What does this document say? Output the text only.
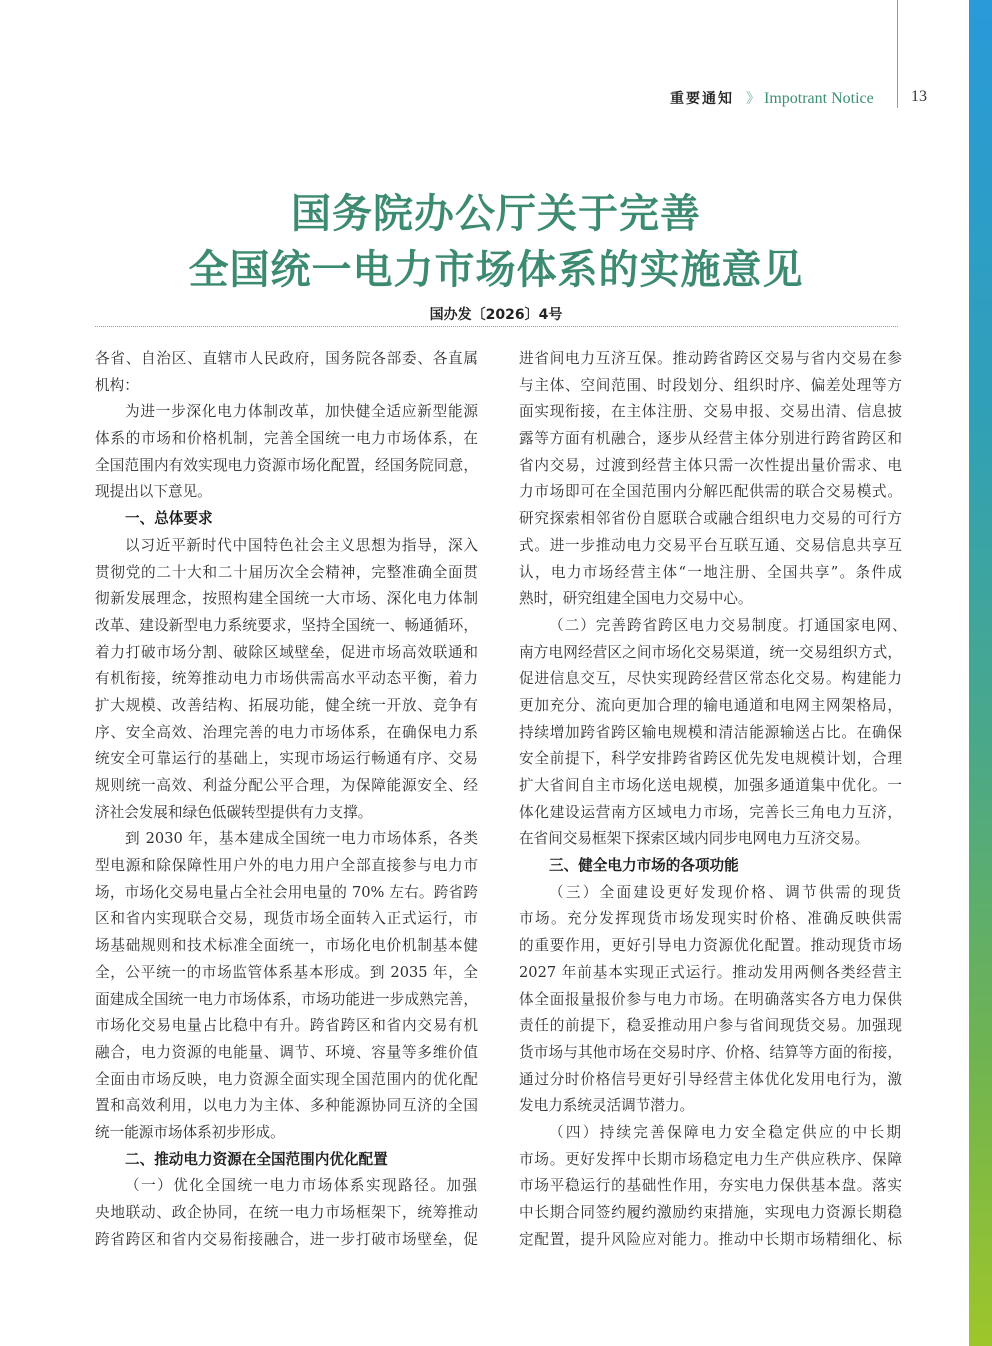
重要通知 》 Impotrant Notice 13
国务院办公厅关于完善
全国统一电力市场体系的实施意见
国办发〔2026〕4号
各省、自治区、直辖市人民政府，国务院各部委、各直属
机构：
为进一步深化电力体制改革，加快健全适应新型能源
体系的市场和价格机制，完善全国统一电力市场体系，在
全国范围内有效实现电力资源市场化配置，经国务院同意，
现提出以下意见。
一、总体要求
以习近平新时代中国特色社会主义思想为指导，深入
贯彻党的二十大和二十届历次全会精神，完整准确全面贯
彻新发展理念，按照构建全国统一大市场、深化电力体制
改革、建设新型电力系统要求，坚持全国统一、畅通循环，
着力打破市场分割、破除区域壁垒，促进市场高效联通和
有机衔接，统筹推动电力市场供需高水平动态平衡，着力
扩大规模、改善结构、拓展功能，健全统一开放、竞争有
序、安全高效、治理完善的电力市场体系，在确保电力系
统安全可靠运行的基础上，实现市场运行畅通有序、交易
规则统一高效、利益分配公平合理，为保障能源安全、经
济社会发展和绿色低碳转型提供有力支撑。
到 2030 年，基本建成全国统一电力市场体系，各类
型电源和除保障性用户外的电力用户全部直接参与电力市
场，市场化交易电量占全社会用电量的 70% 左右。跨省跨
区和省内实现联合交易，现货市场全面转入正式运行，市
场基础规则和技术标准全面统一，市场化电价机制基本健
全，公平统一的市场监管体系基本形成。到 2035 年，全
面建成全国统一电力市场体系，市场功能进一步成熟完善，
市场化交易电量占比稳中有升。跨省跨区和省内交易有机
融合，电力资源的电能量、调节、环境、容量等多维价值
全面由市场反映，电力资源全面实现全国范围内的优化配
置和高效利用，以电力为主体、多种能源协同互济的全国
统一能源市场体系初步形成。
二、推动电力资源在全国范围内优化配置
（一）优化全国统一电力市场体系实现路径。加强
央地联动、政企协同，在统一电力市场框架下，统筹推动
跨省跨区和省内交易衔接融合，进一步打破市场壁垒，促
进省间电力互济互保。推动跨省跨区交易与省内交易在参
与主体、空间范围、时段划分、组织时序、偏差处理等方
面实现衔接，在主体注册、交易申报、交易出清、信息披
露等方面有机融合，逐步从经营主体分别进行跨省跨区和
省内交易，过渡到经营主体只需一次性提出量价需求、电
力市场即可在全国范围内分解匹配供需的联合交易模式。
研究探索相邻省份自愿联合或融合组织电力交易的可行方
式。进一步推动电力交易平台互联互通、交易信息共享互
认，电力市场经营主体“一地注册、全国共享”。条件成
熟时，研究组建全国电力交易中心。
（二）完善跨省跨区电力交易制度。打通国家电网、
南方电网经营区之间市场化交易渠道，统一交易组织方式，
促进信息交互，尽快实现跨经营区常态化交易。构建能力
更加充分、流向更加合理的输电通道和电网主网架格局，
持续增加跨省跨区输电规模和清洁能源输送占比。在确保
安全前提下，科学安排跨省跨区优先发电规模计划，合理
扩大省间自主市场化送电规模，加强多通道集中优化。一
体化建设运营南方区域电力市场，完善长三角电力互济，
在省间交易框架下探索区域内同步电网电力互济交易。
三、健全电力市场的各项功能
（三）全面建设更好发现价格、调节供需的现货
市场。充分发挥现货市场发现实时价格、准确反映供需
的重要作用，更好引导电力资源优化配置。推动现货市场
2027 年前基本实现正式运行。推动发用两侧各类经营主
体全面报量报价参与电力市场。在明确落实各方电力保供
责任的前提下，稳妥推动用户参与省间现货交易。加强现
货市场与其他市场在交易时序、价格、结算等方面的衔接，
通过分时价格信号更好引导经营主体优化发用电行为，激
发电力系统灵活调节潜力。
（四）持续完善保障电力安全稳定供应的中长期
市场。更好发挥中长期市场稳定电力生产供应秩序、保障
市场平稳运行的基础性作用，夯实电力保供基本盘。落实
中长期合同签约履约激励约束措施，实现电力资源长期稳
定配置，提升风险应对能力。推动中长期市场精细化、标
